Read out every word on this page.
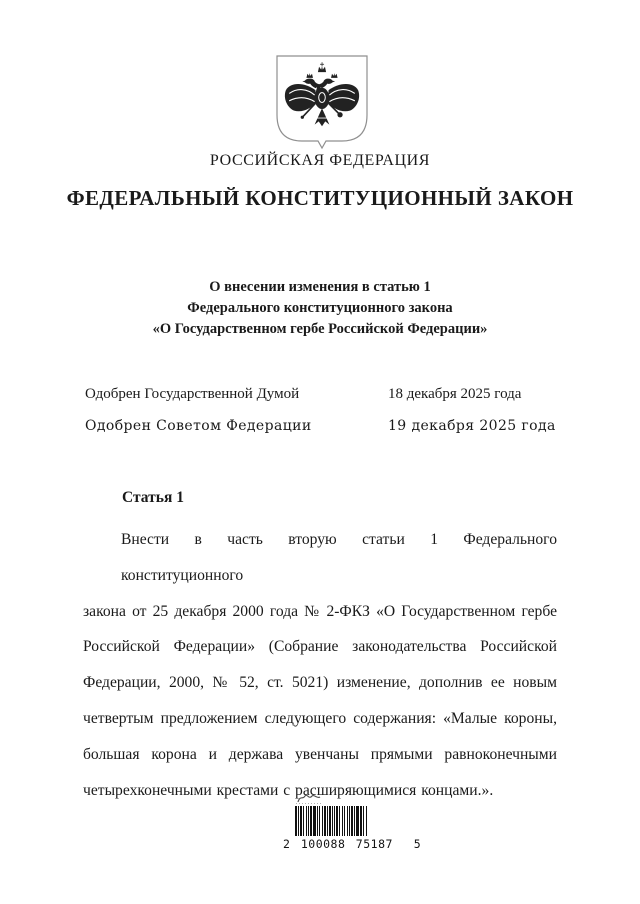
РОССИЙСКАЯ ФЕДЕРАЦИЯ
ФЕДЕРАЛЬНЫЙ КОНСТИТУЦИОННЫЙ ЗАКОН
О внесении изменения в статью 1
Федерального конституционного закона
«О Государственном гербе Российской Федерации»
Одобрен Государственной Думой	18 декабря 2025 года
Одобрен Советом Федерации	19 декабря 2025 года
Статья 1
Внести в часть вторую статьи 1 Федерального конституционного
закона от 25 декабря 2000 года № 2-ФКЗ «О Государственном гербе
Российской Федерации» (Собрание законодательства Российской
Федерации, 2000, № 52, ст. 5021) изменение, дополнив ее новым
четвертым предложением следующего содержания: «Малые короны,
большая корона и держава увенчаны прямыми равноконечными
четырехконечными крестами с расширяющимися концами.».
2 100088 75187  5
